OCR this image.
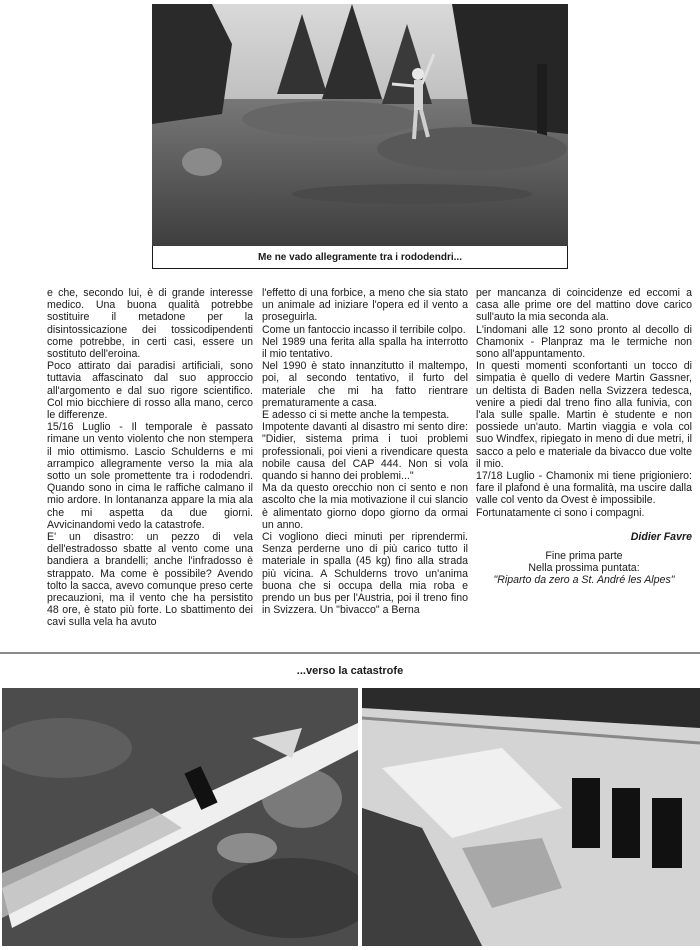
Me ne vado allegramente tra i rododendri...

e che, secondo lui, è di grande interesse medico. Una buona qualità potrebbe sostituire il metadone per la disintossicazione dei tossicodipendenti come potrebbe, in certi casi, essere un sostituto dell'eroina.

Poco attirato dai paradisi artificiali, sono tuttavia affascinato dal suo approccio all'argomento e dal suo rigore scientifico. Col mio bicchiere di rosso alla mano, cerco le differenze.

15/16 Luglio - Il temporale è passato rimane un vento violento che non stempera il mio ottimismo. Lascio Schulderns e mi arrampico allegramente verso la mia ala sotto un sole promettente tra i rododendri. Quando sono in cima le raffiche calmano il mio ardore. In lontananza appare la mia ala che mi aspetta da due giorni. Avvicinandomi vedo la catastrofe.

E' un disastro: un pezzo di vela dell'estradosso sbatte al vento come una bandiera a brandelli; anche l'infradosso è strappato. Ma come è possibile? Avendo tolto la sacca, avevo comunque preso certe precauzioni, ma il vento che ha persistito 48 ore, è stato più forte. Lo sbattimento dei cavi sulla vela ha avuto

l'effetto di una forbice, a meno che sia stato un animale ad iniziare l'opera ed il vento a proseguirla.

Come un fantoccio incasso il terribile colpo.

Nel 1989 una ferita alla spalla ha interrotto il mio tentativo.

Nel 1990 è stato innanzitutto il maltempo, poi, al secondo tentativo, il furto del materiale che mi ha fatto rientrare prematuramente a casa.

E adesso ci si mette anche la tempesta.

Impotente davanti al disastro mi sento dire: "Didier, sistema prima i tuoi problemi professionali, poi vieni a rivendicare questa nobile causa del CAP 444. Non si vola quando si hanno dei problemi..."

Ma da questo orecchio non ci sento e non ascolto che la mia motivazione il cui slancio è alimentato giorno dopo giorno da ormai un anno.

Ci vogliono dieci minuti per riprendermi. Senza perderne uno di più carico tutto il materiale in spalla (45 kg) fino alla strada più vicina. A Schulderns trovo un'anima buona che si occupa della mia roba e prendo un bus per l'Austria, poi il treno fino in Svizzera. Un "bivacco" a Berna

per mancanza di coincidenze ed eccomi a casa alle prime ore del mattino dove carico sull'auto la mia seconda ala.

L'indomani alle 12 sono pronto al decollo di Chamonix - Planpraz ma le termiche non sono all'appuntamento.

In questi momenti sconfortanti un tocco di simpatia è quello di vedere Martin Gassner, un deltista di Baden nella Svizzera tedesca, venire a piedi dal treno fino alla funivia, con l'ala sulle spalle. Martin è studente e non possiede un'auto. Martin viaggia e vola col suo Windfex, ripiegato in meno di due metri, il sacco a pelo e materiale da bivacco due volte il mio.

17/18 Luglio - Chamonix mi tiene prigioniero: fare il plafond è una formalità, ma uscire dalla valle col vento da Ovest è impossibile.

Fortunatamente ci sono i compagni.

Didier Favre

Fine prima parte
Nella prossima puntata:
"Riparto da zero a St. André les Alpes"

...verso la catastrofe
